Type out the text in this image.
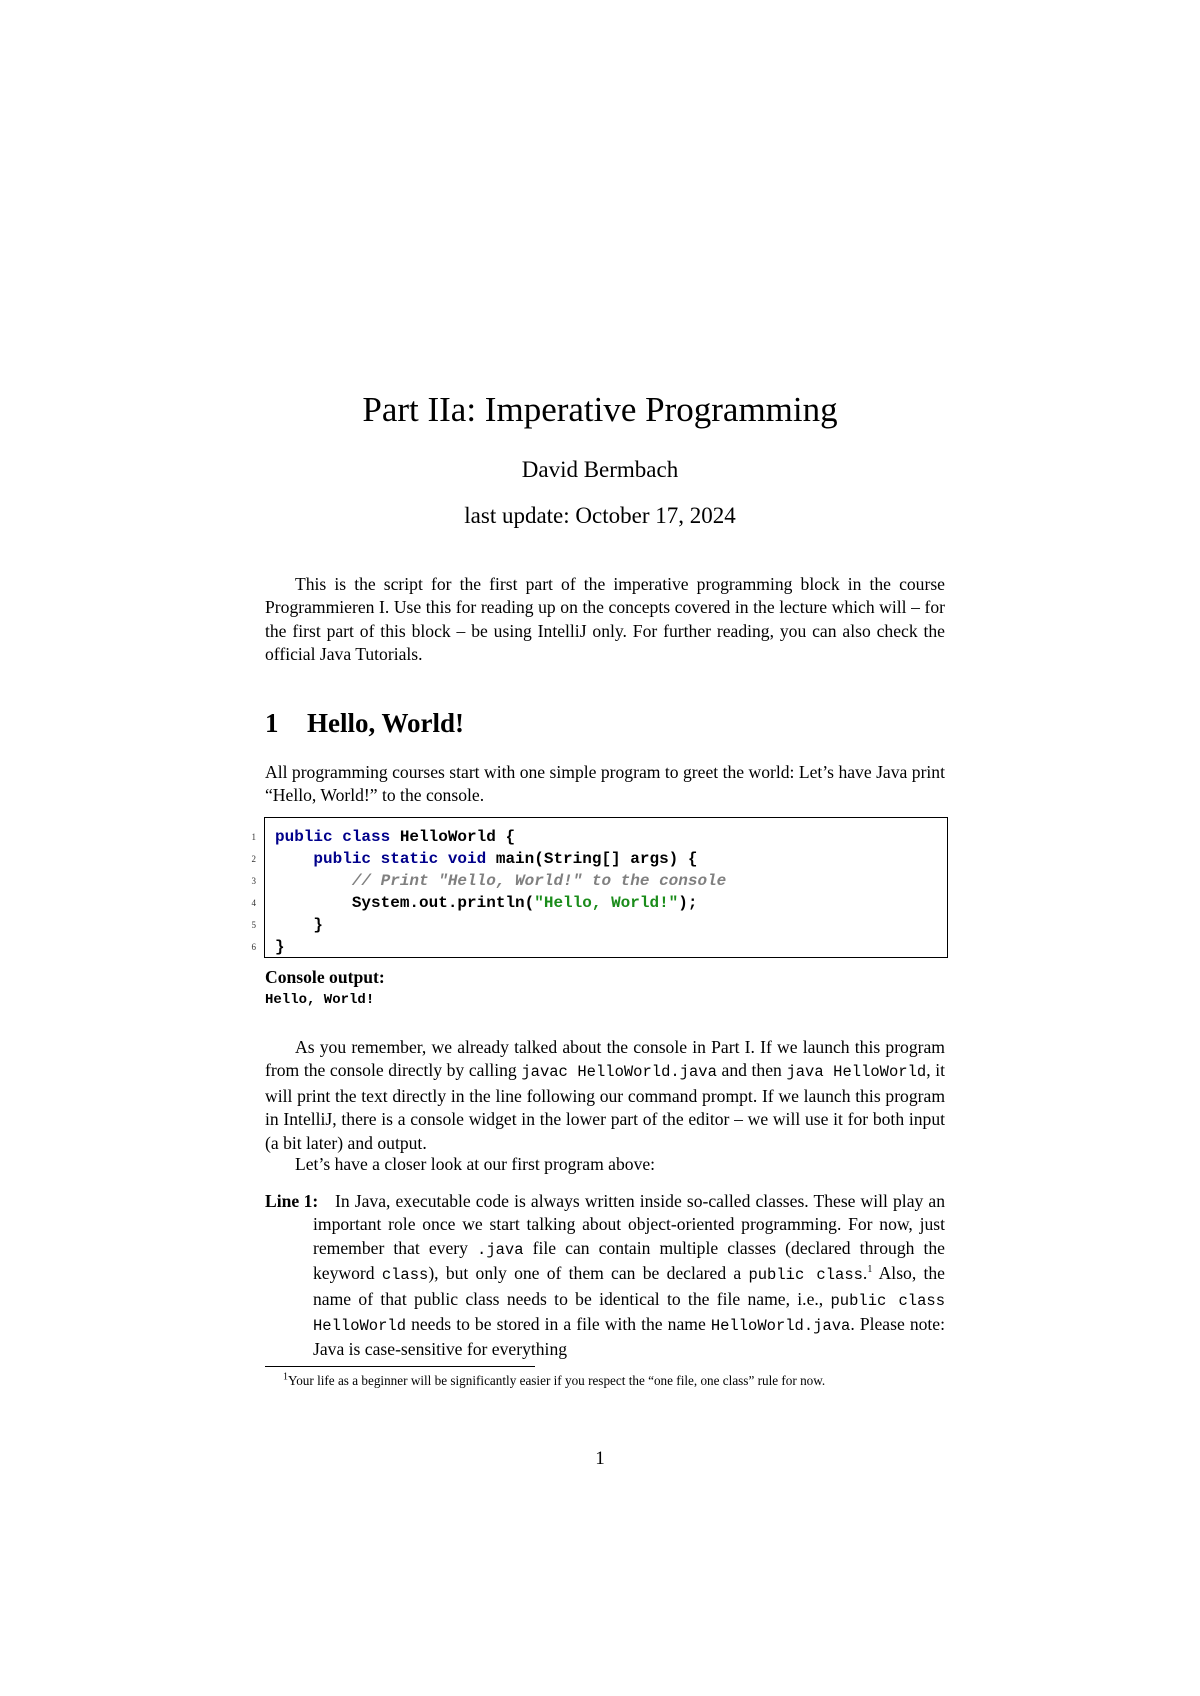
Part IIa: Imperative Programming
David Bermbach
last update: October 17, 2024

This is the script for the first part of the imperative programming block in the course Programmieren I. Use this for reading up on the concepts covered in the lecture which will – for the first part of this block – be using IntelliJ only. For further reading, you can also check the official Java Tutorials.

1 Hello, World!

All programming courses start with one simple program to greet the world: Let’s have Java print “Hello, World!” to the console.

1
2
3
4
5
6
public class HelloWorld {
public static void main(String[] args) {
// Print "Hello, World!" to the console
System.out.println("Hello, World!");
}
}
Console output:
Hello, World!

As you remember, we already talked about the console in Part I. If we launch this program from the console directly by calling javac HelloWorld.java and then java HelloWorld, it will print the text directly in the line following our command prompt. If we launch this program in IntelliJ, there is a console widget in the lower part of the editor – we will use it for both input (a bit later) and output.

Let’s have a closer look at our first program above:

Line 1: In Java, executable code is always written inside so-called classes. These will play an important role once we start talking about object-oriented programming. For now, just remember that every .java file can contain multiple classes (declared through the keyword class), but only one of them can be declared a public class.$^1$ Also, the name of that public class needs to be identical to the file name, i.e., public class HelloWorld needs to be stored in a file with the name HelloWorld.java. Please note: Java is case-sensitive for everything

$^1$Your life as a beginner will be significantly easier if you respect the “one file, one class” rule for now.
1
